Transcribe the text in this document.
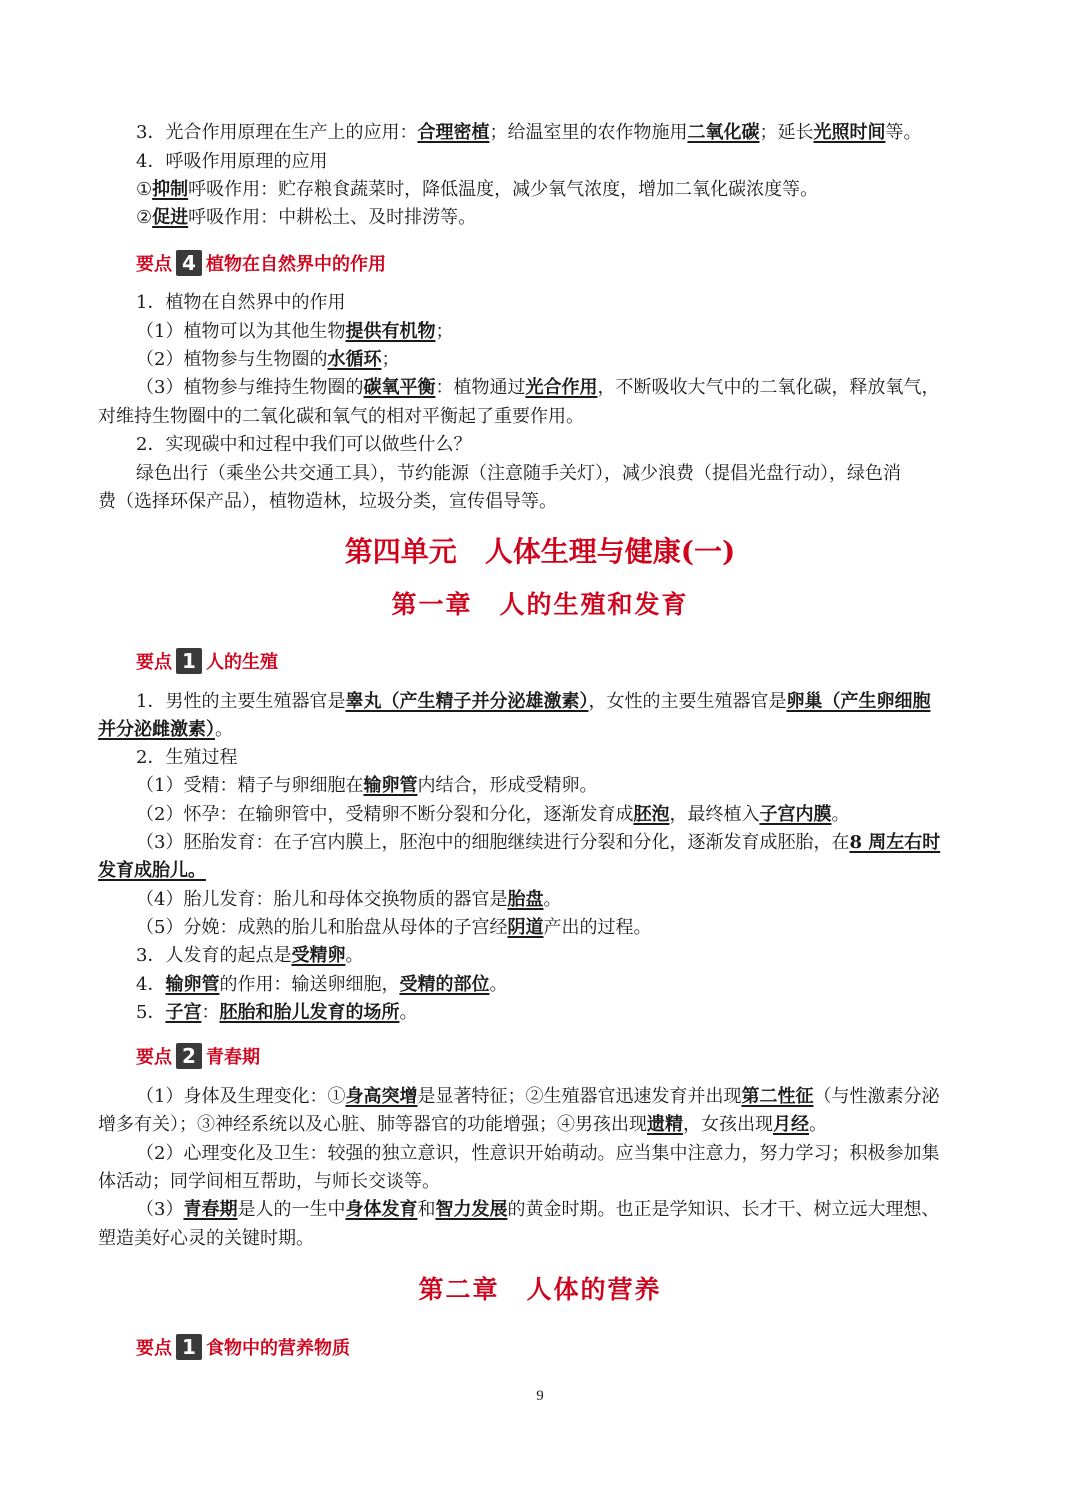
3．光合作用原理在生产上的应用：合理密植；给温室里的农作物施用二氧化碳；延长光照时间等。
4．呼吸作用原理的应用
①抑制呼吸作用：贮存粮食蔬菜时，降低温度，减少氧气浓度，增加二氧化碳浓度等。
②促进呼吸作用：中耕松土、及时排涝等。
要点 4 植物在自然界中的作用
1．植物在自然界中的作用
（1）植物可以为其他生物提供有机物；
（2）植物参与生物圈的水循环；
（3）植物参与维持生物圈的碳氧平衡：植物通过光合作用，不断吸收大气中的二氧化碳，释放氧气，
对维持生物圈中的二氧化碳和氧气的相对平衡起了重要作用。
2．实现碳中和过程中我们可以做些什么？
绿色出行（乘坐公共交通工具），节约能源（注意随手关灯），减少浪费（提倡光盘行动），绿色消
费（选择环保产品），植物造林，垃圾分类，宣传倡导等。
第四单元　人体生理与健康(一)
第一章　人的生殖和发育
要点 1 人的生殖
1．男性的主要生殖器官是睾丸（产生精子并分泌雄激素），女性的主要生殖器官是卵巢（产生卵细胞
并分泌雌激素）。
2．生殖过程
（1）受精：精子与卵细胞在输卵管内结合，形成受精卵。
（2）怀孕：在输卵管中，受精卵不断分裂和分化，逐渐发育成胚泡，最终植入子宫内膜。
（3）胚胎发育：在子宫内膜上，胚泡中的细胞继续进行分裂和分化，逐渐发育成胚胎，在8 周左右时
发育成胎儿。
（4）胎儿发育：胎儿和母体交换物质的器官是胎盘。
（5）分娩：成熟的胎儿和胎盘从母体的子宫经阴道产出的过程。
3．人发育的起点是受精卵。
4．输卵管的作用：输送卵细胞，受精的部位。
5．子宫：胚胎和胎儿发育的场所。
要点 2 青春期
（1）身体及生理变化：①身高突增是显著特征；②生殖器官迅速发育并出现第二性征（与性激素分泌
增多有关）；③神经系统以及心脏、肺等器官的功能增强；④男孩出现遗精，女孩出现月经。
（2）心理变化及卫生：较强的独立意识，性意识开始萌动。应当集中注意力，努力学习；积极参加集
体活动；同学间相互帮助，与师长交谈等。
（3）青春期是人的一生中身体发育和智力发展的黄金时期。也正是学知识、长才干、树立远大理想、
塑造美好心灵的关键时期。
第二章　人体的营养
要点 1 食物中的营养物质
9
